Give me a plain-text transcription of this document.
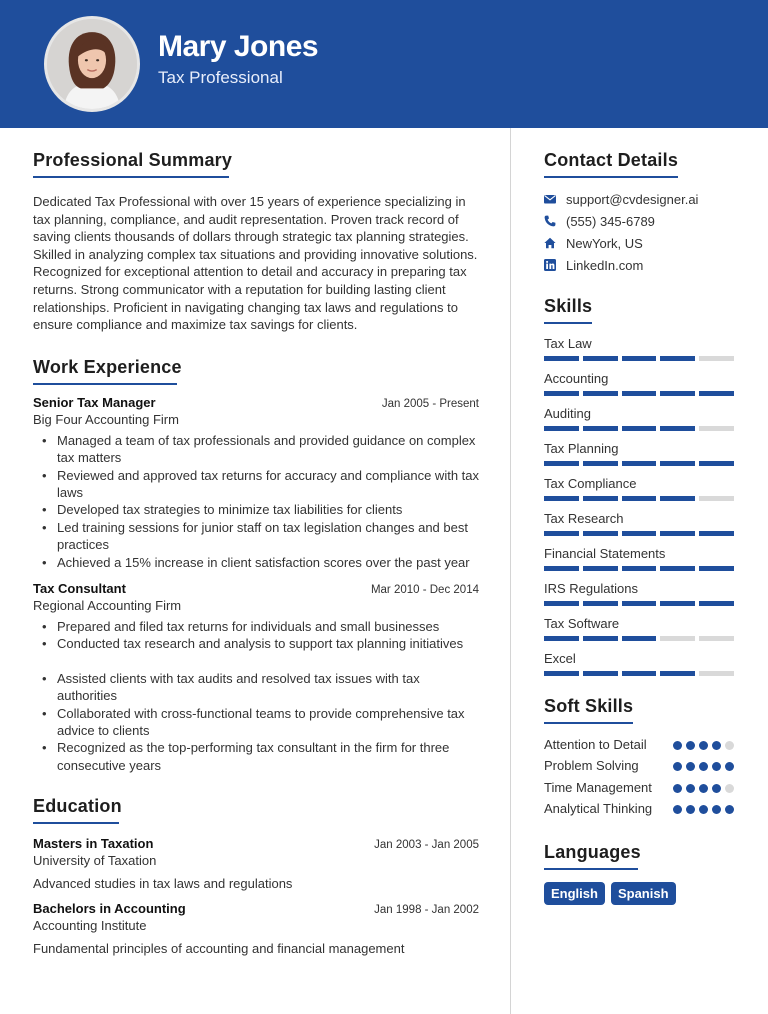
Mary Jones
Tax Professional
Professional Summary
Dedicated Tax Professional with over 15 years of experience specializing in tax planning, compliance, and audit representation. Proven track record of saving clients thousands of dollars through strategic tax planning strategies. Skilled in analyzing complex tax situations and providing innovative solutions. Recognized for exceptional attention to detail and accuracy in preparing tax returns. Strong communicator with a reputation for building lasting client relationships. Proficient in navigating changing tax laws and regulations to ensure compliance and maximize tax savings for clients.
Work Experience
Senior Tax Manager	Jan 2005 - Present
Big Four Accounting Firm
• Managed a team of tax professionals and provided guidance on complex tax matters
• Reviewed and approved tax returns for accuracy and compliance with tax laws
• Developed tax strategies to minimize tax liabilities for clients
• Led training sessions for junior staff on tax legislation changes and best practices
• Achieved a 15% increase in client satisfaction scores over the past year
Tax Consultant	Mar 2010 - Dec 2014
Regional Accounting Firm
• Prepared and filed tax returns for individuals and small businesses
• Conducted tax research and analysis to support tax planning initiatives
• Assisted clients with tax audits and resolved tax issues with tax authorities
• Collaborated with cross-functional teams to provide comprehensive tax advice to clients
• Recognized as the top-performing tax consultant in the firm for three consecutive years
Education
Masters in Taxation	Jan 2003 - Jan 2005
University of Taxation
Advanced studies in tax laws and regulations
Bachelors in Accounting	Jan 1998 - Jan 2002
Accounting Institute
Fundamental principles of accounting and financial management
Contact Details
support@cvdesigner.ai
(555) 345-6789
NewYork, US
LinkedIn.com
Skills
Tax Law
Accounting
Auditing
Tax Planning
Tax Compliance
Tax Research
Financial Statements
IRS Regulations
Tax Software
Excel
Soft Skills
Attention to Detail
Problem Solving
Time Management
Analytical Thinking
Languages
English	Spanish
